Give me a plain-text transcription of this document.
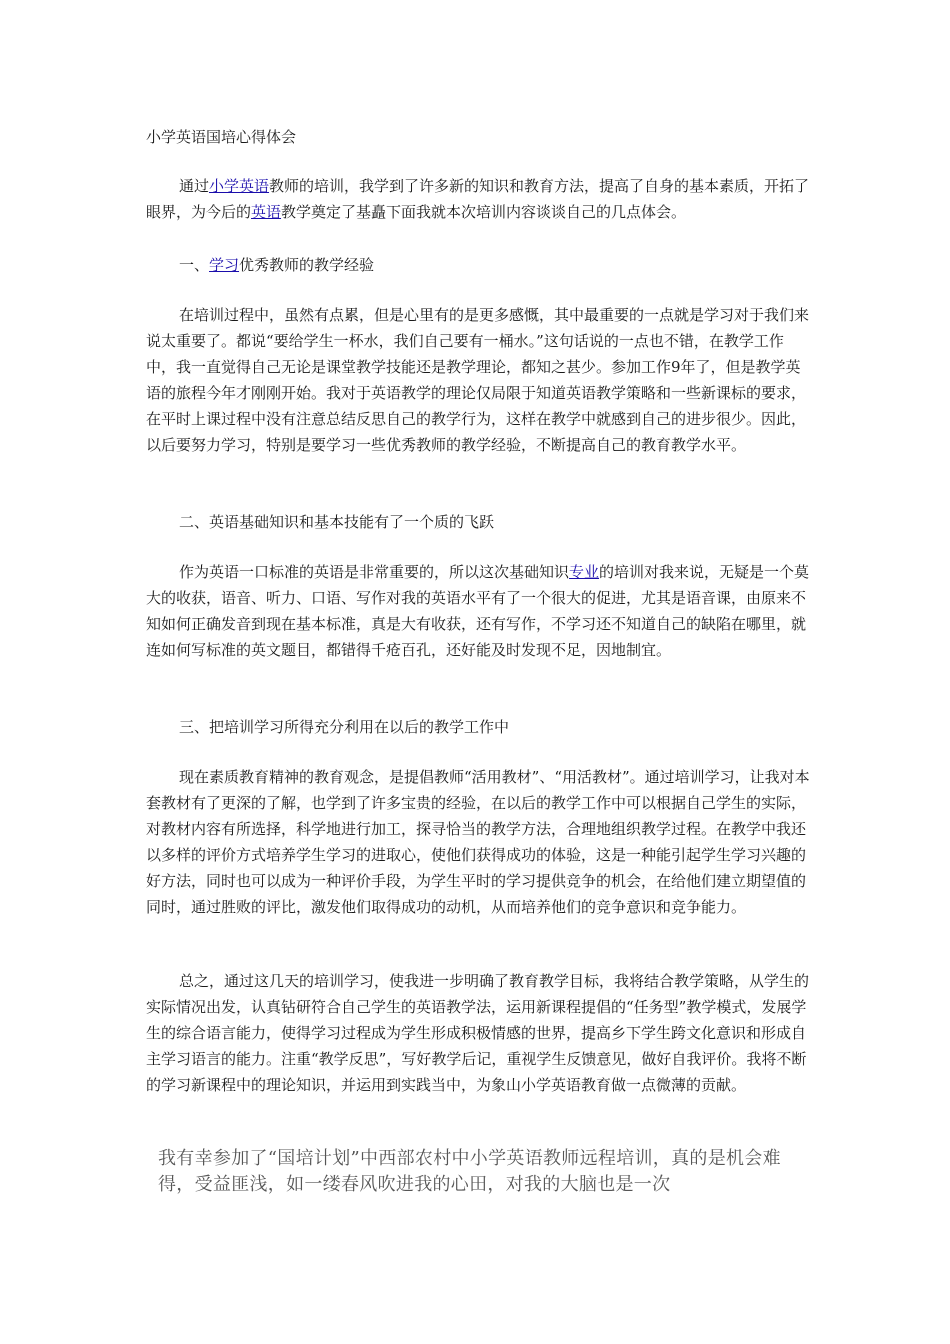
小学英语国培心得体会

通过小学英语教师的培训，我学到了许多新的知识和教育方法，提高了自身的基本素质，开拓了眼界，为今后的英语教学奠定了基矗下面我就本次培训内容谈谈自己的几点体会。

一、学习优秀教师的教学经验

在培训过程中，虽然有点累，但是心里有的是更多感慨，其中最重要的一点就是学习对于我们来说太重要了。都说“要给学生一杯水，我们自己要有一桶水。”这句话说的一点也不错，在教学工作中，我一直觉得自己无论是课堂教学技能还是教学理论，都知之甚少。参加工作9年了，但是教学英语的旅程今年才刚刚开始。我对于英语教学的理论仅局限于知道英语教学策略和一些新课标的要求，在平时上课过程中没有注意总结反思自己的教学行为，这样在教学中就感到自己的进步很少。因此，以后要努力学习，特别是要学习一些优秀教师的教学经验，不断提高自己的教育教学水平。

二、英语基础知识和基本技能有了一个质的飞跃

作为英语一口标准的英语是非常重要的，所以这次基础知识专业的培训对我来说，无疑是一个莫大的收获，语音、听力、口语、写作对我的英语水平有了一个很大的促进，尤其是语音课，由原来不知如何正确发音到现在基本标准，真是大有收获，还有写作，不学习还不知道自己的缺陷在哪里，就连如何写标准的英文题目，都错得千疮百孔，还好能及时发现不足，因地制宜。

三、把培训学习所得充分利用在以后的教学工作中

现在素质教育精神的教育观念，是提倡教师“活用教材”、“用活教材”。通过培训学习，让我对本套教材有了更深的了解，也学到了许多宝贵的经验，在以后的教学工作中可以根据自己学生的实际，对教材内容有所选择，科学地进行加工，探寻恰当的教学方法，合理地组织教学过程。在教学中我还以多样的评价方式培养学生学习的进取心，使他们获得成功的体验，这是一种能引起学生学习兴趣的好方法，同时也可以成为一种评价手段，为学生平时的学习提供竞争的机会，在给他们建立期望值的同时，通过胜败的评比，激发他们取得成功的动机，从而培养他们的竞争意识和竞争能力。

总之，通过这几天的培训学习，使我进一步明确了教育教学目标，我将结合教学策略，从学生的实际情况出发，认真钻研符合自己学生的英语教学法，运用新课程提倡的“任务型”教学模式，发展学生的综合语言能力，使得学习过程成为学生形成积极情感的世界，提高乡下学生跨文化意识和形成自主学习语言的能力。注重“教学反思”，写好教学后记，重视学生反馈意见，做好自我评价。我将不断的学习新课程中的理论知识，并运用到实践当中，为象山小学英语教育做一点微薄的贡献。

我有幸参加了“国培计划”中西部农村中小学英语教师远程培训，真的是机会难得，受益匪浅，如一缕春风吹进我的心田，对我的大脑也是一次
